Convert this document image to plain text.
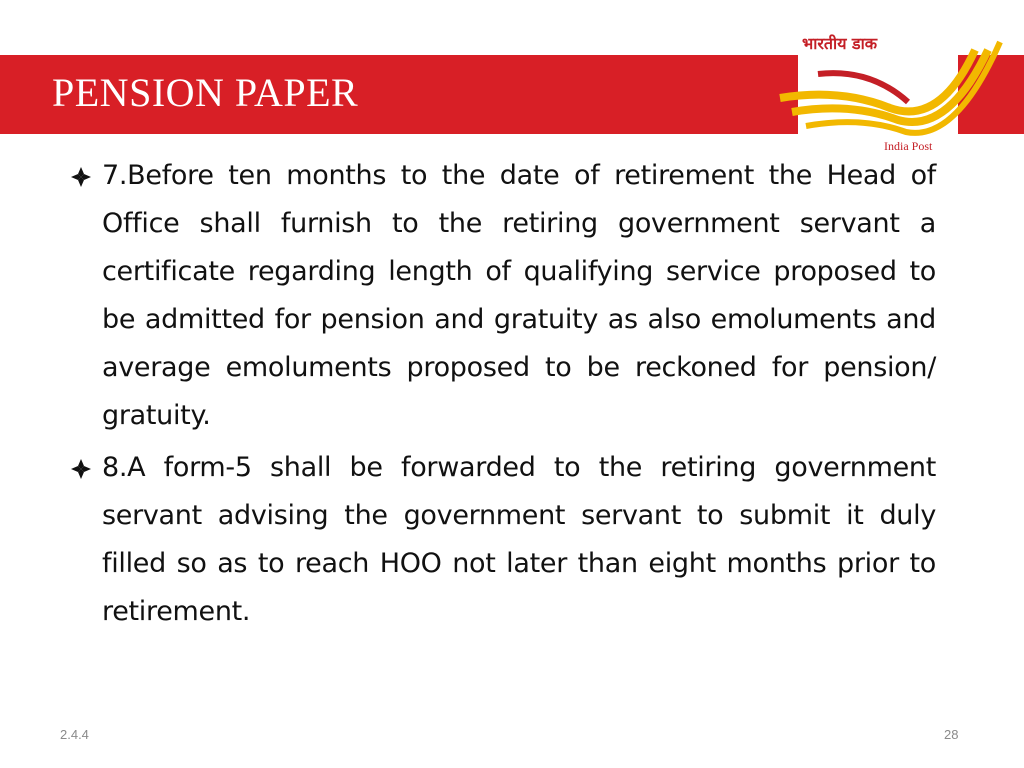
PENSION PAPER
भारतीय डाक
India Post
7.Before ten months to the date of retirement the Head of Office shall furnish to the retiring government servant a certificate regarding length of qualifying service proposed to be admitted for pension and gratuity as also emoluments and average emoluments proposed to be reckoned for pension/ gratuity.
8.A form-5 shall be forwarded to the retiring government servant advising the government servant to submit it duly filled so as to reach HOO not later than eight months prior to retirement.
2.4.4	28
